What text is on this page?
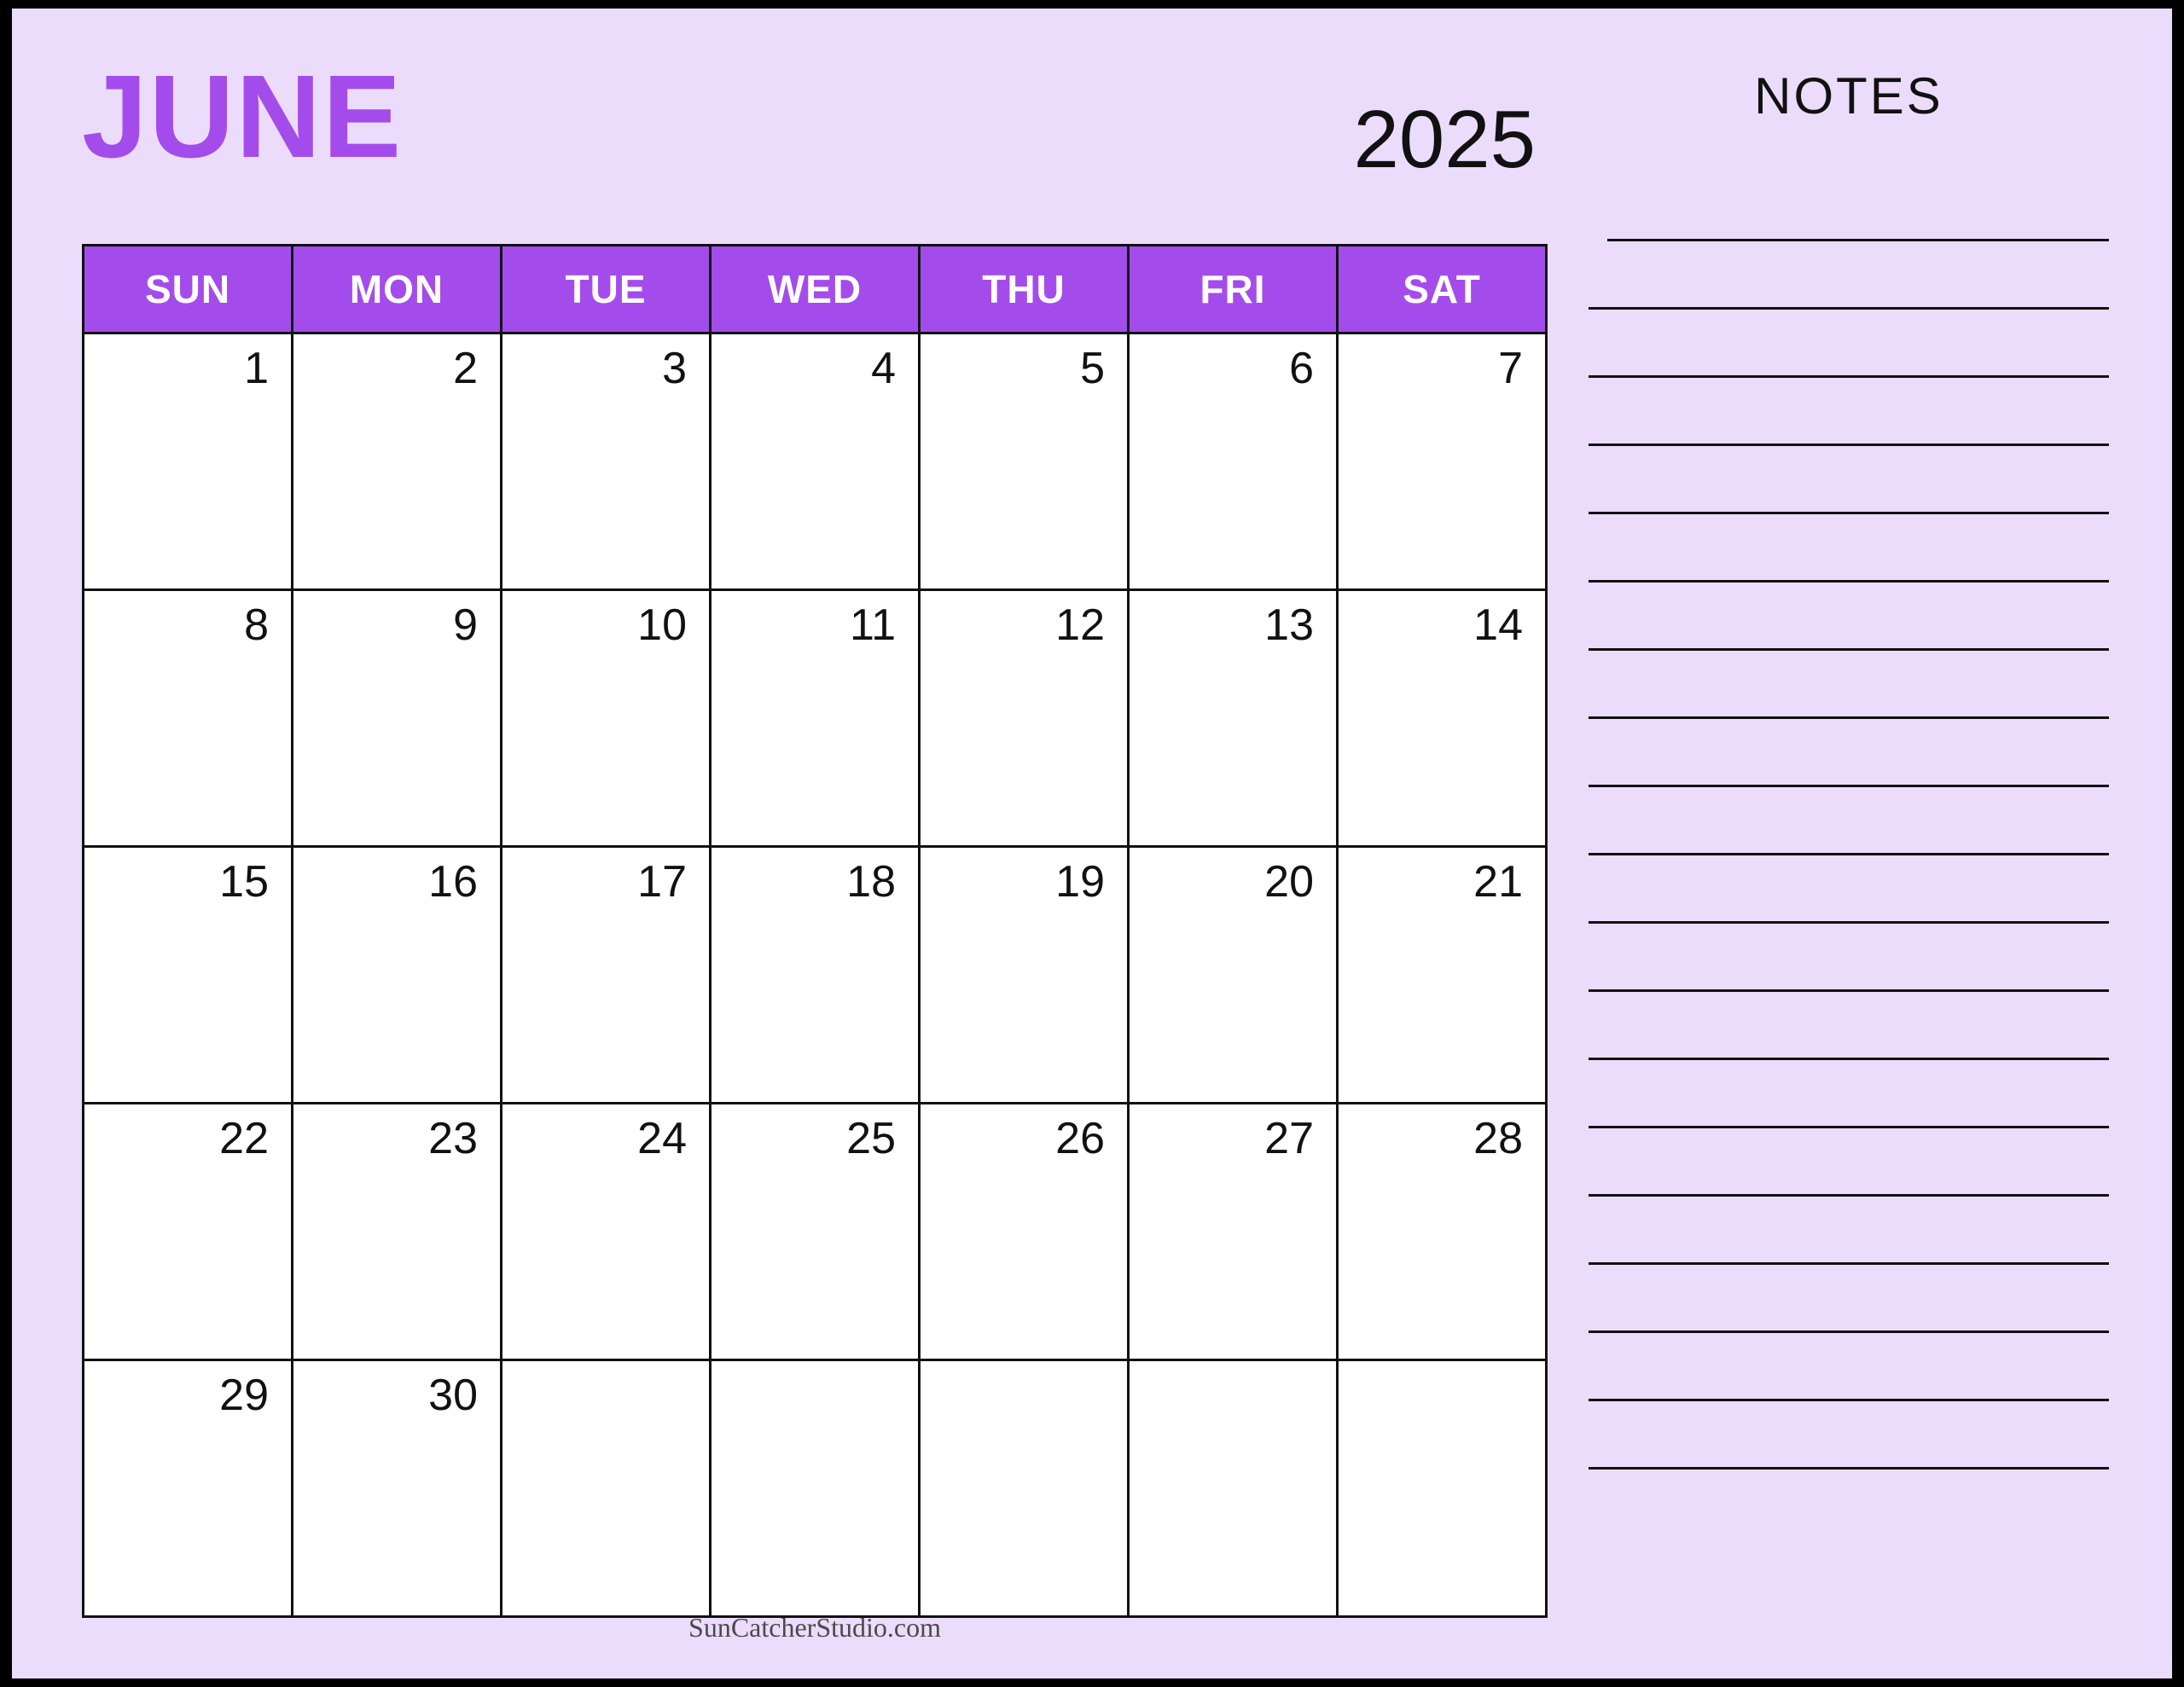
JUNE	2025
SUN	MON	TUE	WED	THU	FRI	SAT
1	2	3	4	5	6	7
8	9	10	11	12	13	14
15	16	17	18	19	20	21
22	23	24	25	26	27	28
29	30					
SunCatcherStudio.com
NOTES
